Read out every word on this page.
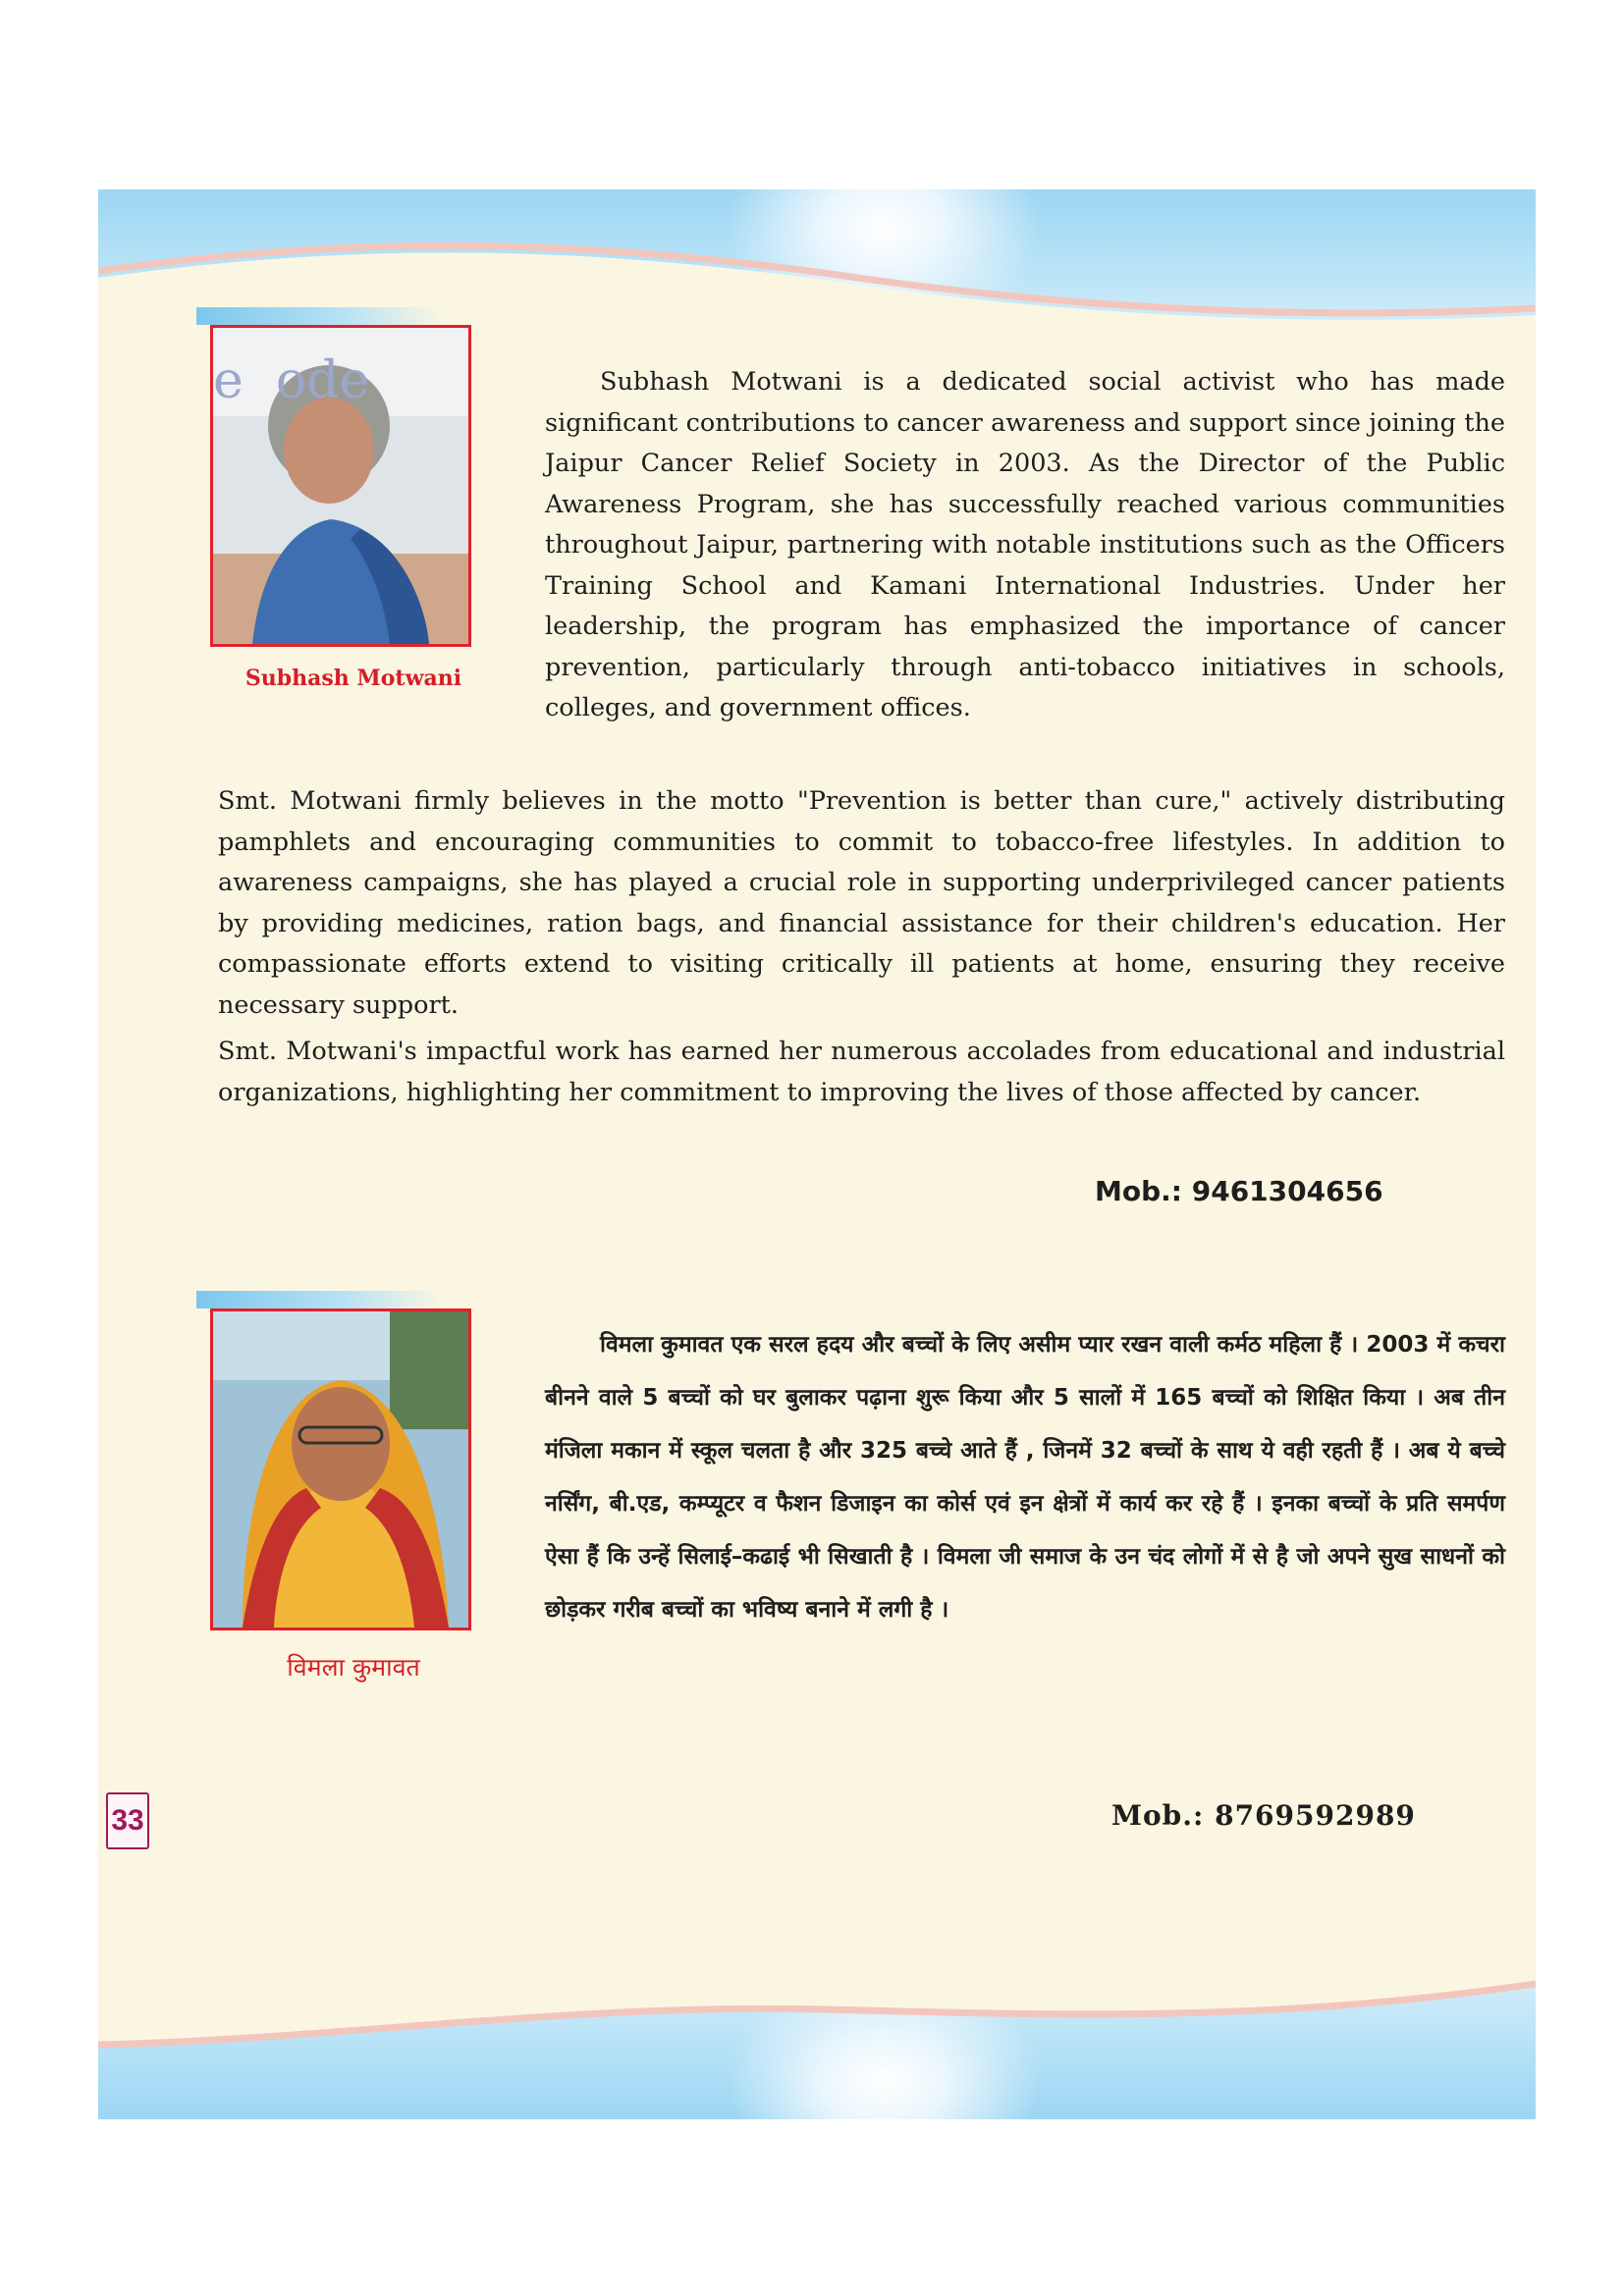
e  ode
Subhash Motwani
Subhash Motwani is a dedicated social activist who has made significant contributions to cancer awareness and support since joining the Jaipur Cancer Relief Society in 2003. As the Director of the Public Awareness Program, she has successfully reached various communities throughout Jaipur, partnering with notable institutions such as the Officers Training School and Kamani International Industries. Under her leadership, the program has emphasized the importance of cancer prevention, particularly through anti-tobacco initiatives in schools, colleges, and government offices.
Smt. Motwani firmly believes in the motto "Prevention is better than cure," actively distributing pamphlets and encouraging communities to commit to tobacco-free lifestyles. In addition to awareness campaigns, she has played a crucial role in supporting underprivileged cancer patients by providing medicines, ration bags, and financial assistance for their children's education. Her compassionate efforts extend to visiting critically ill patients at home, ensuring they receive necessary support.
Smt. Motwani's impactful work has earned her numerous accolades from educational and industrial organizations, highlighting her commitment to improving the lives of those affected by cancer.
Mob.: 9461304656
विमला कुमावत
विमला कुमावत एक सरल हदय और बच्चों के लिए असीम प्यार रखन वाली कर्मठ महिला हैं । 2003 में कचरा बीनने वाले 5 बच्चों को घर बुलाकर पढ़ाना शुरू किया और 5 सालों में 165 बच्चों को शिक्षित किया । अब तीन मंजिला मकान में स्कूल चलता है और 325 बच्चे आते हैं , जिनमें 32 बच्चों के साथ ये वही रहती हैं । अब ये बच्चे नर्सिंग, बी.एड, कम्प्यूटर व फैशन डिजाइन का कोर्स एवं इन क्षेत्रों में कार्य कर रहे हैं । इनका बच्चों के प्रति समर्पण ऐसा हैं कि उन्हें सिलाई–कढाई भी सिखाती है । विमला जी समाज के उन चंद लोगों में से है जो अपने सुख साधनों को छोड़कर गरीब बच्चों का भविष्य बनाने में लगी है ।
Mob.: 8769592989
33
